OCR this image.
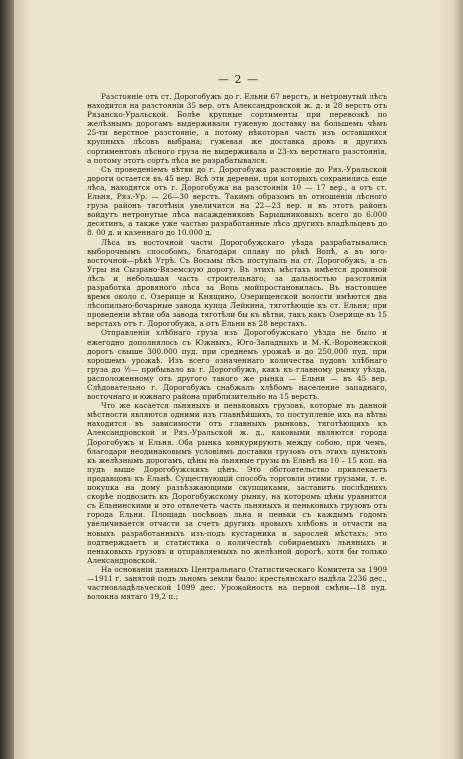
— 2 —

Разстояніе отъ ст. Дорогобужъ до г. Ельни 67 верстъ, и нетронутый лѣсъ находится на разстояніи 35 вер. отъ Александровской ж. д. и 28 верстъ отъ Рязанско-Уральской. Болѣе крупные сортименты при перевозкѣ по желѣзнымъ дорогамъ выдерживали гужевую доставку на большемъ чѣмъ 25-ти верстное разстояніе, а потому нѣкоторая часть изъ оставшихся крупныхъ лѣсовъ выбрана; гужевая же доставка дровъ и другихъ сортиментовъ лѣсного груза не выдерживала и 23-хъ верстнаго разстоянія, а потому этотъ сортъ лѣса не разрабатывался.

Съ проведеніемъ вѣтви до г. Дорогобужа разстояніе до Ряз.-Уральской дороги остается въ 45 вер. Всѣ эти деревни, при которыхъ сохранились еще лѣса, находятся отъ г. Дорогобужа на разстояніи 10 — 17 вер., а отъ ст. Ельня, Ряз.-Ур. — 26—30 верстъ. Такимъ образомъ въ отношеніи лѣсного груза районъ тяготѣнія увеличится на 22—23 вер. и въ этотъ районъ войдутъ нетронутые лѣса насаждениковъ Барышниковыхъ всего до 6.000 десятинъ, а также уже частью разработанные лѣса другихъ владѣльцевъ до 8. 00 д. и казеннаго до 10.000 д.

Лѣса въ восточной части Дорогобужскаго уѣзда разрабатывались выборочнымъ способомъ, благодаря сплаву по рѣкѣ Вопѣ, а въ юго-восточной—рѣкѣ Угрѣ. Съ Восьмы лѣсъ поступалъ на ст. Дорогобужъ, а съ Угры на Сызрано-Вяземскую дорогу. Въ этихъ мѣстахъ имѣется дровяной лѣсъ и небольшая часть строительнаго; за дальностью разстоянія разработка дровяного лѣса за Вопь мойпростановилась. Въ настоящее время около с. Озерище и Княщино, Озерищенской волости имѣются два лѣсопильно-бочарные завода купца Лейкина, тяготѣющіе къ ст. Ельня; при проведеніи вѣтви оба завода тяготѣли бы къ вѣтви, такъ какъ Озерище въ 15 верстахъ отъ г. Дорогобужа, а отъ Ельни въ 28 верстахъ.

Отправленія хлѣбнаго груза изъ Дорогобужскаго уѣзда не было и ежегодно дополнялось съ Южныхъ, Юго-Западныхъ и М.-К.-Воронежской дорогъ свыше 300.000 пуд. при среднемъ урожаѣ и до 250.000 пуд. при хорошемъ урожаѣ. Изъ всего означеннаго количества пудовъ хлѣбнаго груза до ½— прибывало въ г. Дорогобужъ, какъ къ главному рынку уѣзда, расположенному отъ другого такого же рынка — Ельни — въ 45 вер. Слѣдовательно г. Дорогобужъ снабжалъ хлѣбомъ население западнаго, восточнаго и южнаго района приблизительно на 15 верстъ.

Что же касается льняныхъ и пеньковыхъ грузовъ, которые въ данной мѣстности являются одними изъ главнѣйшихъ, то поступленіе ихъ на вѣтвь находится въ зависимости отъ главныхъ рынковъ, тяготѣющихъ къ Александровской и Ряз.-Уральской ж. д., каковыми являются города Дорогобужъ и Ельня. Оба рынка конкурируютъ между собою, при чемъ, благодаря неодинаковымъ условіямъ доставки грузовъ отъ этихъ пунктовъ къ желѣзнымъ дорогамъ, цѣны на льняные грузы въ Ельнѣ на 10 – 15 коп. на пудъ выше Дорогобужскихъ цѣнъ. Это обстоятельство привлекаетъ продавцовъ къ Ельнѣ. Существующій способъ торговли этими грузами, т. е. покупка на дому разъѣзжающими скупщиками, заставитъ послѣднихъ скорѣе подвозить къ Дорогобужскому рынку, на которомъ цѣны уравнятся съ Ельнинскими и это отвлечетъ часть льняныхъ и пеньковыхъ грузовъ отъ города Ельни. Площадь посѣвовъ льна и пеньки съ каждымъ годомъ увеличивается отчасти за счетъ другихъ яровыхъ хлѣбовъ и отчасти на новыхъ разработанныхъ изъ-подъ кустарника и зарослей мѣстахъ; это подтверждаетъ и статистика о количествѣ собираемыхъ льняныхъ и пеньковыхъ грузовъ и отправляемыхъ по желѣзной дорогѣ, хотя бы только Александровской.

На основаніи данныхъ Центральнаго Статистическаго Комитета за 1909—1911 г. занятой подъ льномъ земли было: крестьянскаго надѣла 2236 дес., частновладѣльческой 1099 дес. Урожайность на первой смѣни—18 пуд. волокна мятаго 19,2 п.;
